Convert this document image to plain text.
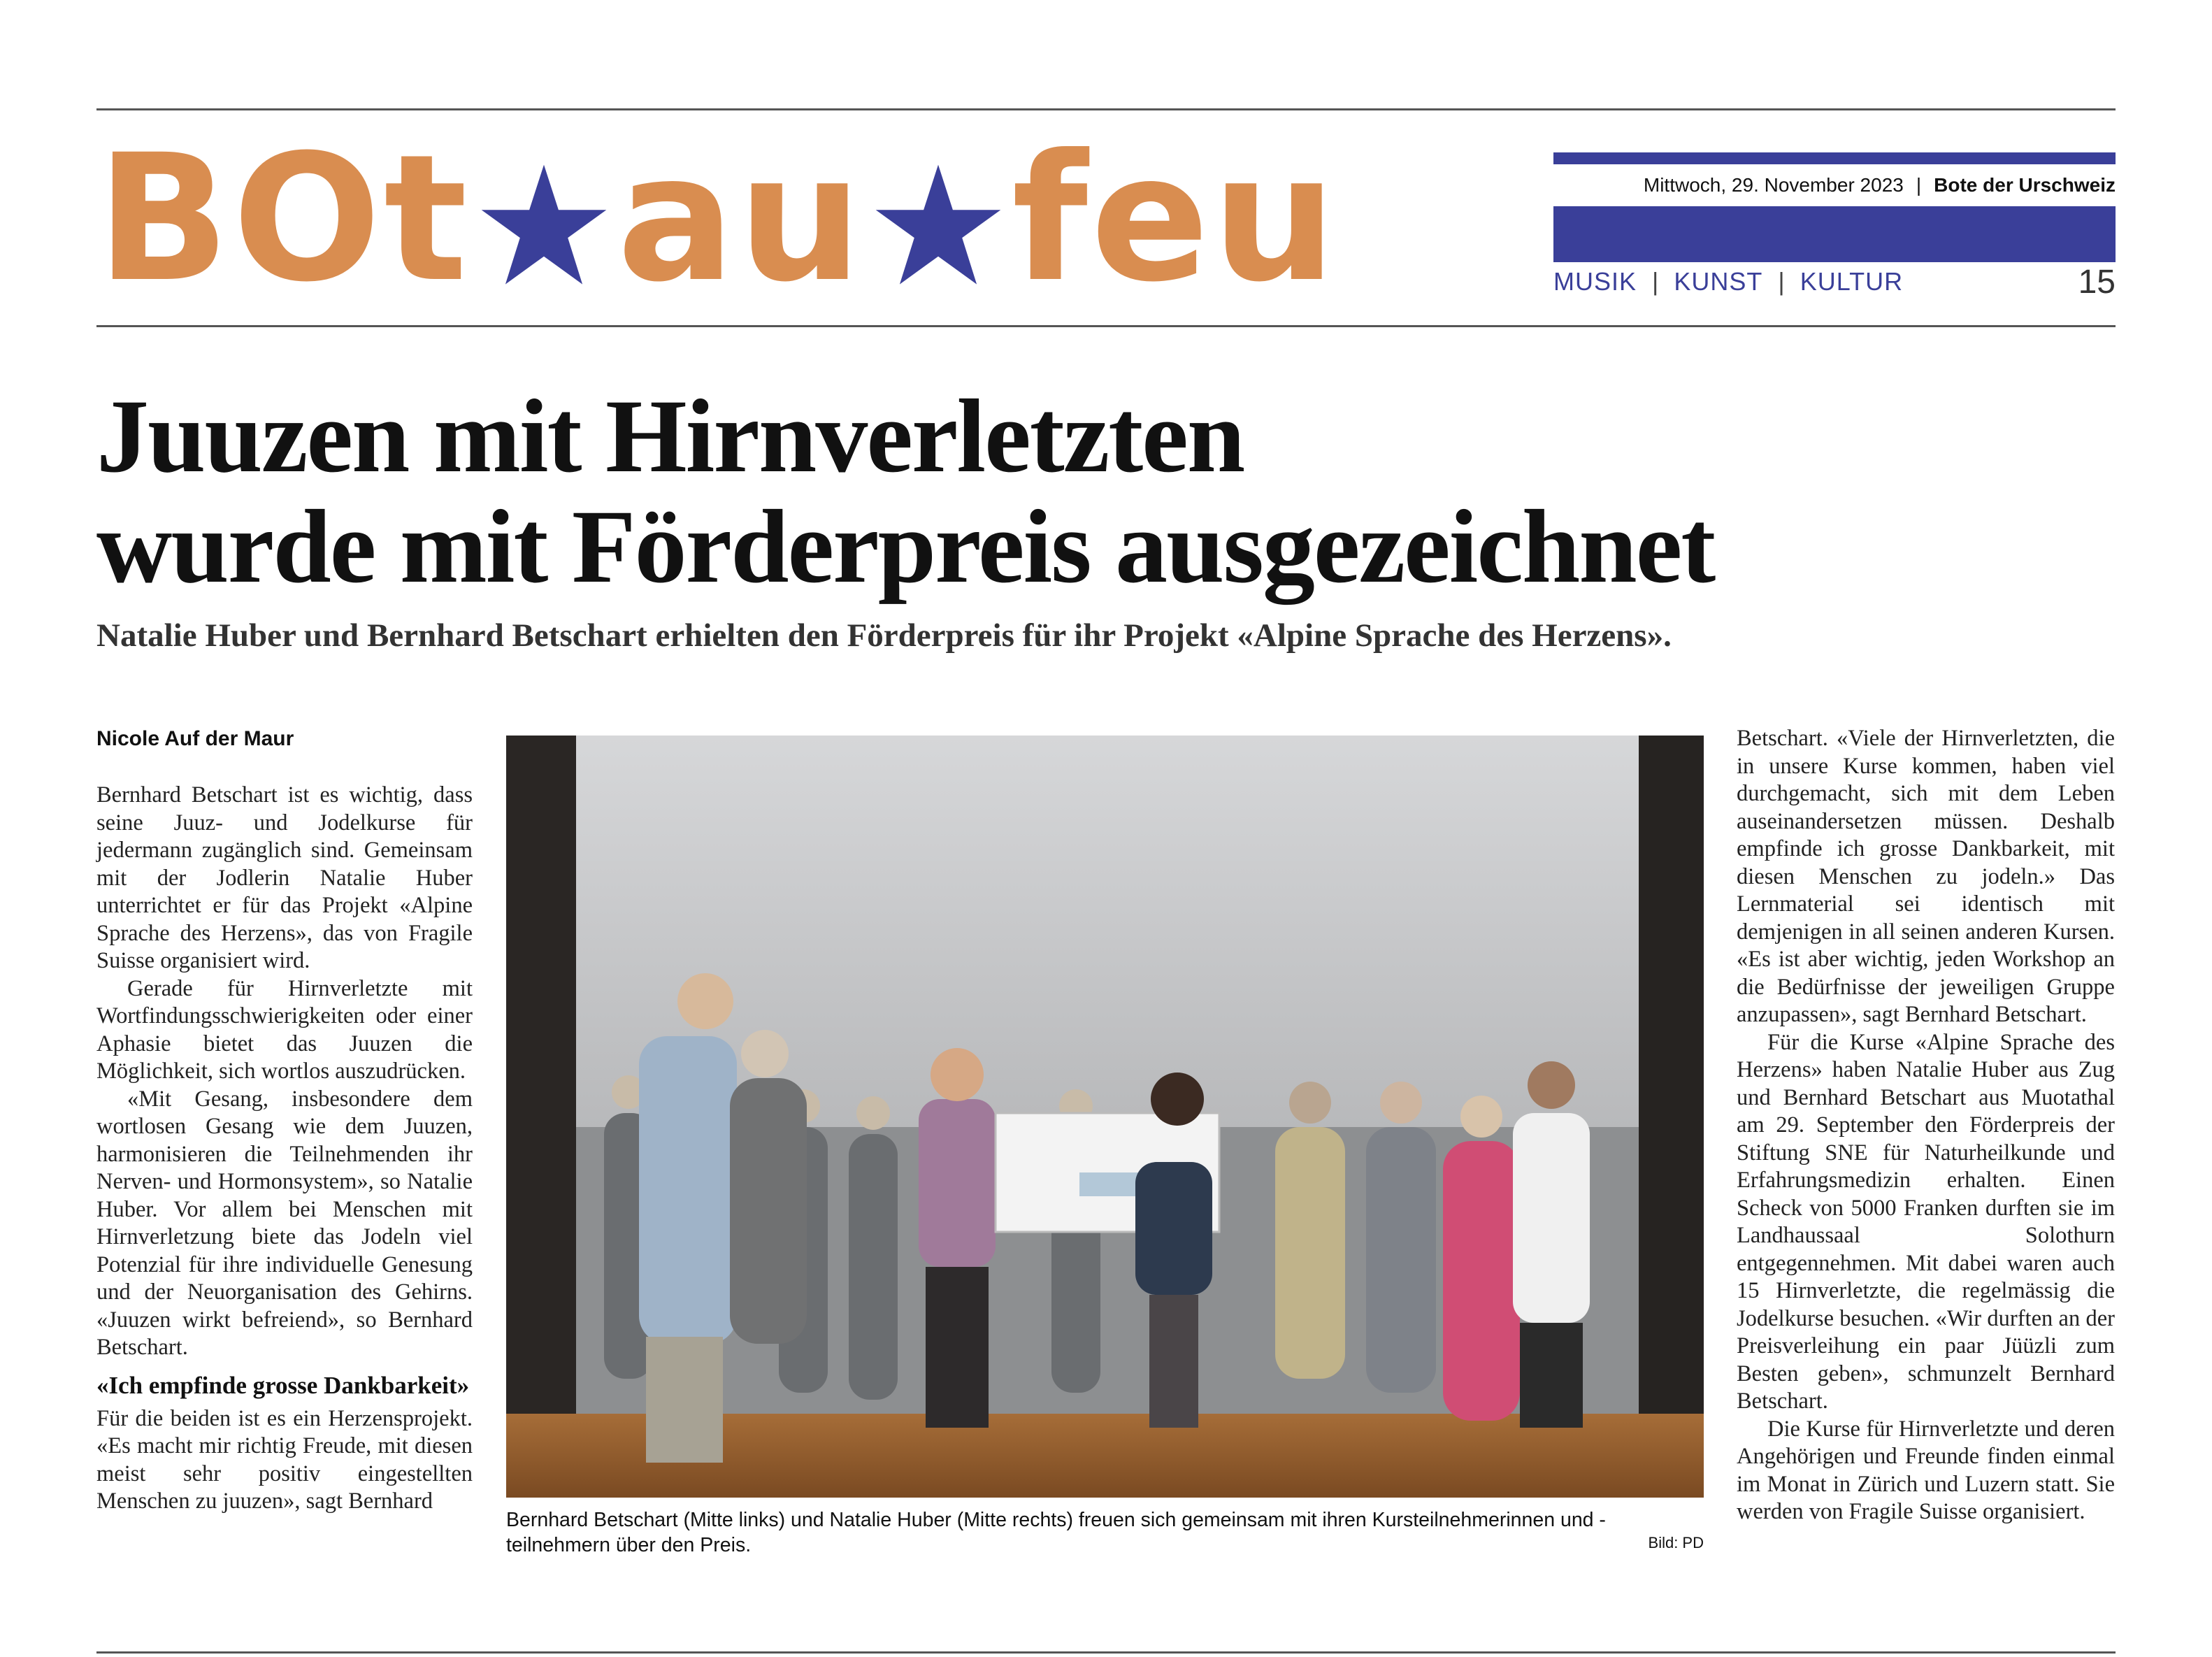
BOt au feu	Mittwoch, 29. November 2023 | Bote der Urschweiz
MUSIK | KUNST | KULTUR	15
Juuzen mit Hirnverletzten
wurde mit Förderpreis ausgezeichnet

Natalie Huber und Bernhard Betschart erhielten den Förderpreis für ihr Projekt «Alpine Sprache des Herzens».

Nicole Auf der Maur

Bernhard Betschart ist es wichtig, dass seine Juuz- und Jodelkurse für jedermann zugänglich sind. Gemeinsam mit der Jodlerin Natalie Huber unterrichtet er für das Projekt «Alpine Sprache des Herzens», das von Fragile Suisse organisiert wird.

Gerade für Hirnverletzte mit Wortfindungsschwierigkeiten oder einer Aphasie bietet das Juuzen die Möglichkeit, sich wortlos auszudrücken.

«Mit Gesang, insbesondere dem wortlosen Gesang wie dem Juuzen, harmonisieren die Teilnehmenden ihr Nerven- und Hormonsystem», so Natalie Huber. Vor allem bei Menschen mit Hirnverletzung biete das Jodeln viel Potenzial für ihre individuelle Genesung und der Neuorganisation des Gehirns. «Juuzen wirkt befreiend», so Bernhard Betschart.

«Ich empfinde grosse Dankbarkeit»

Für die beiden ist es ein Herzensprojekt. «Es macht mir richtig Freude, mit diesen meist sehr positiv eingestellten Menschen zu juuzen», sagt Bernhard

Bernhard Betschart (Mitte links) und Natalie Huber (Mitte rechts) freuen sich gemeinsam mit ihren Kursteilnehmerinnen und -teilnehmern über den Preis.	Bild: PD

Betschart. «Viele der Hirnverletzten, die in unsere Kurse kommen, haben viel durchgemacht, sich mit dem Leben auseinandersetzen müssen. Deshalb empfinde ich grosse Dankbarkeit, mit diesen Menschen zu jodeln.» Das Lernmaterial sei identisch mit demjenigen in all seinen anderen Kursen. «Es ist aber wichtig, jeden Workshop an die Bedürfnisse der jeweiligen Gruppe anzupassen», sagt Bernhard Betschart.

Für die Kurse «Alpine Sprache des Herzens» haben Natalie Huber aus Zug und Bernhard Betschart aus Muotathal am 29. September den Förderpreis der Stiftung SNE für Naturheilkunde und Erfahrungsmedizin erhalten. Einen Scheck von 5000 Franken durften sie im Landhaussaal Solothurn entgegennehmen. Mit dabei waren auch 15 Hirnverletzte, die regelmässig die Jodelkurse besuchen. «Wir durften an der Preisverleihung ein paar Jüüzli zum Besten geben», schmunzelt Bernhard Betschart.

Die Kurse für Hirnverletzte und deren Angehörigen und Freunde finden einmal im Monat in Zürich und Luzern statt. Sie werden von Fragile Suisse organisiert.
